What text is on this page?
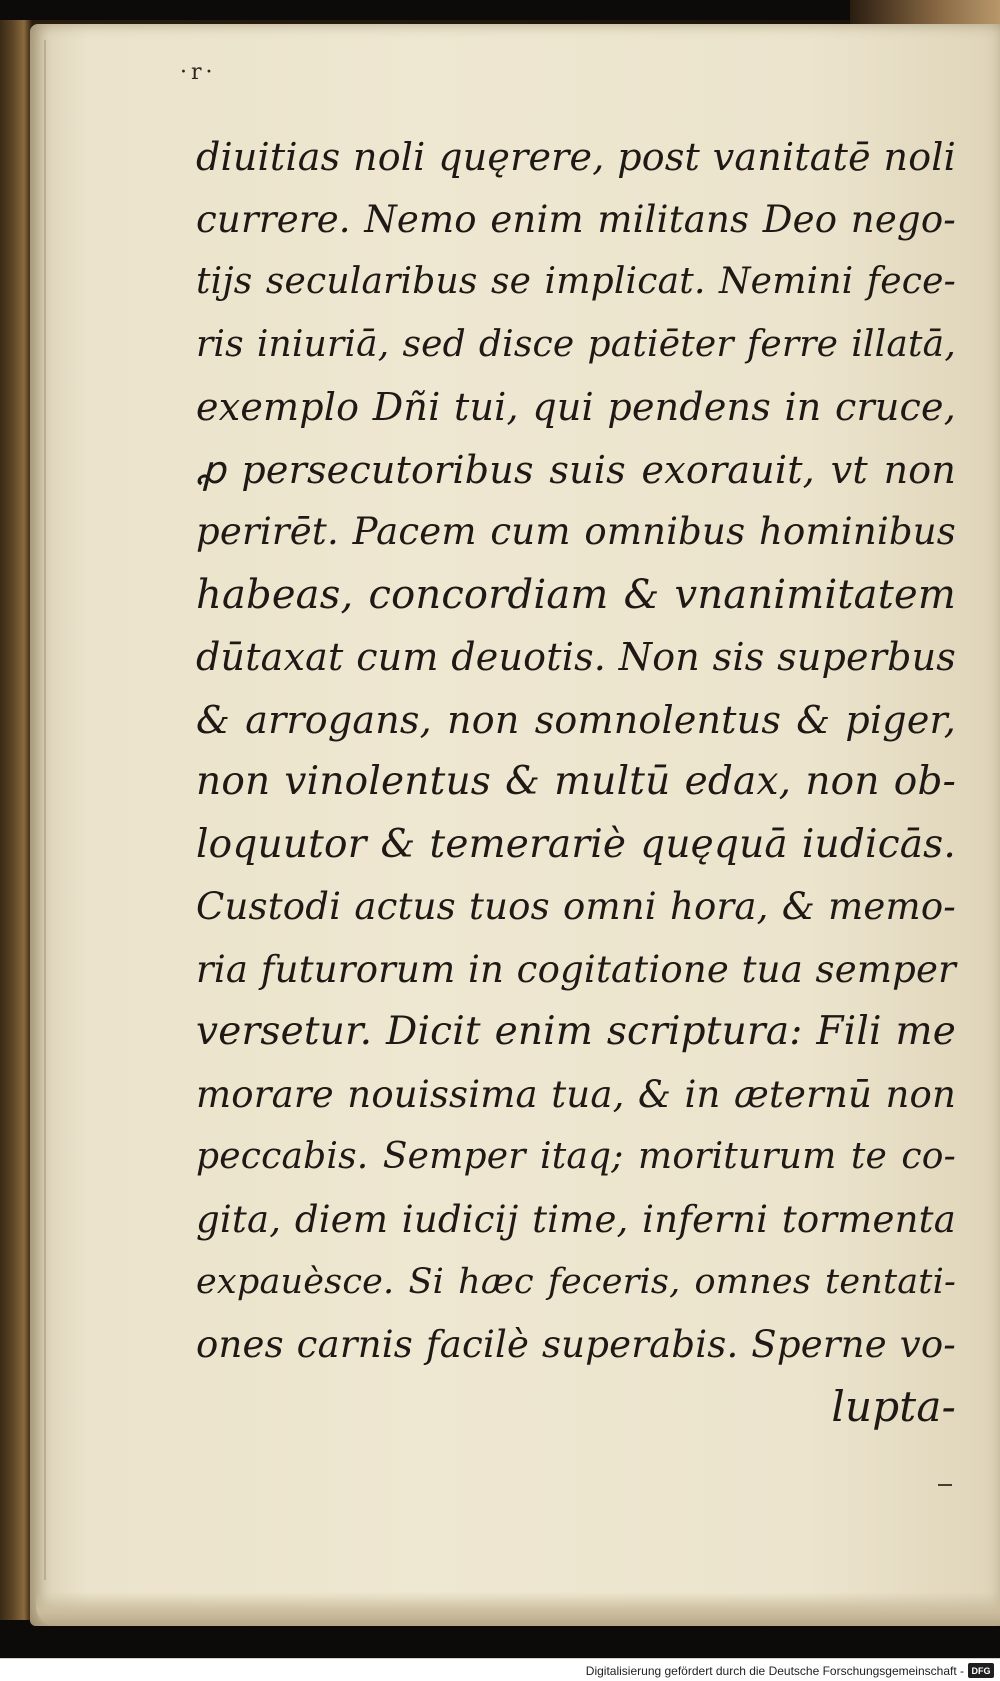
·r·
diuitias noli quęrere, post vanitatē noli
currere. Nemo enim militans Deo nego-
tijs secularibus se implicat. Nemini fece-
ris iniuriā, sed disce patiēter ferre illatā,
exemplo Dñi tui, qui pendens in cruce,
ꝓ persecutoribus suis exorauit, vt non
perirēt. Pacem cum omnibus hominibus
habeas, concordiam & vnanimitatem
dūtaxat cum deuotis. Non sis superbus
& arrogans, non somnolentus & piger,
non vinolentus & multū edax, non ob-
loquutor & temerariè quęquā iudicās.
Custodi actus tuos omni hora, & memo-
ria futurorum in cogitatione tua semper
versetur. Dicit enim scriptura: Fili me
morare nouissima tua, & in æternū non
peccabis. Semper itaq; moriturum te co-
gita, diem iudicij time, inferni tormenta
expauèsce. Si hæc feceris, omnes tentati-
ones carnis facilè superabis. Sperne vo-
lupta-
Digitalisierung gefördert durch die Deutsche Forschungsgemeinschaft - DFG
